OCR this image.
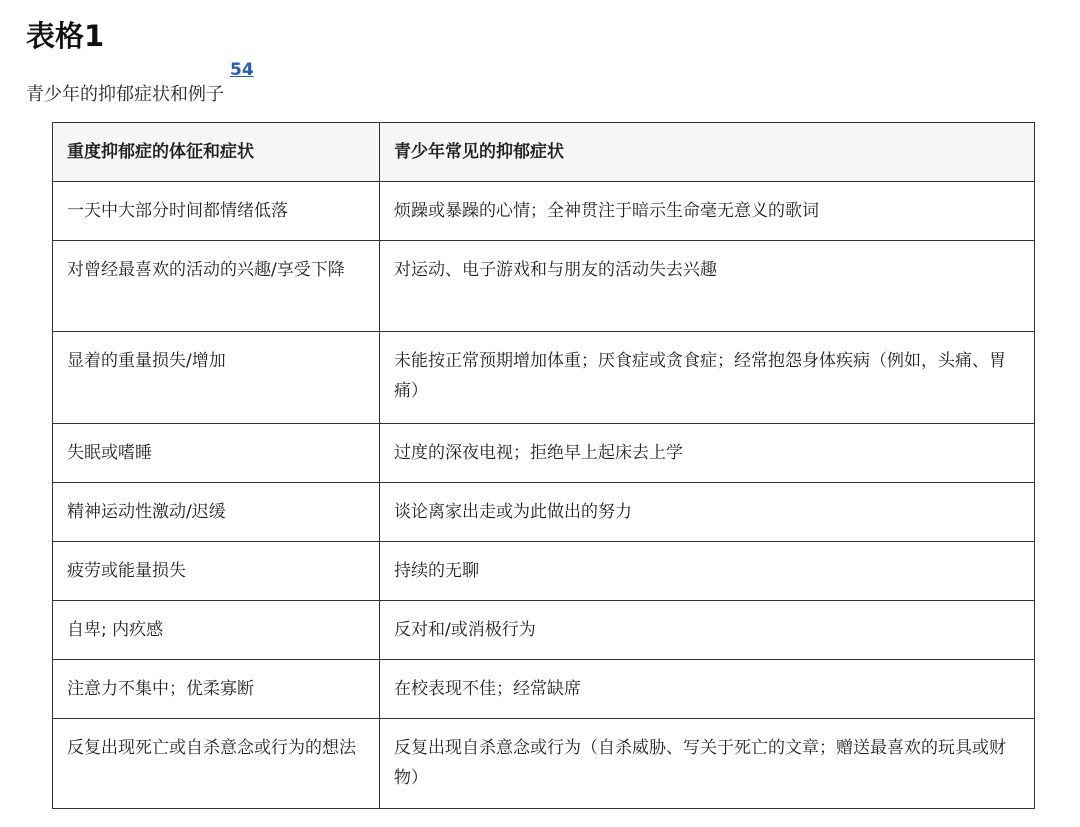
表格1
青少年的抑郁症状和例子
54
重度抑郁症的体征和症状	青少年常见的抑郁症状
一天中大部分时间都情绪低落	烦躁或暴躁的心情；全神贯注于暗示生命毫无意义的歌词
对曾经最喜欢的活动的兴趣/享受下降	对运动、电子游戏和与朋友的活动失去兴趣
显着的重量损失/增加	未能按正常预期增加体重；厌食症或贪食症；经常抱怨身体疾病（例如，头痛、胃痛）
失眠或嗜睡	过度的深夜电视；拒绝早上起床去上学
精神运动性激动/迟缓	谈论离家出走或为此做出的努力
疲劳或能量损失	持续的无聊
自卑; 内疚感	反对和/或消极行为
注意力不集中；优柔寡断	在校表现不佳；经常缺席
反复出现死亡或自杀意念或行为的想法	反复出现自杀意念或行为（自杀威胁、写关于死亡的文章；赠送最喜欢的玩具或财物）
